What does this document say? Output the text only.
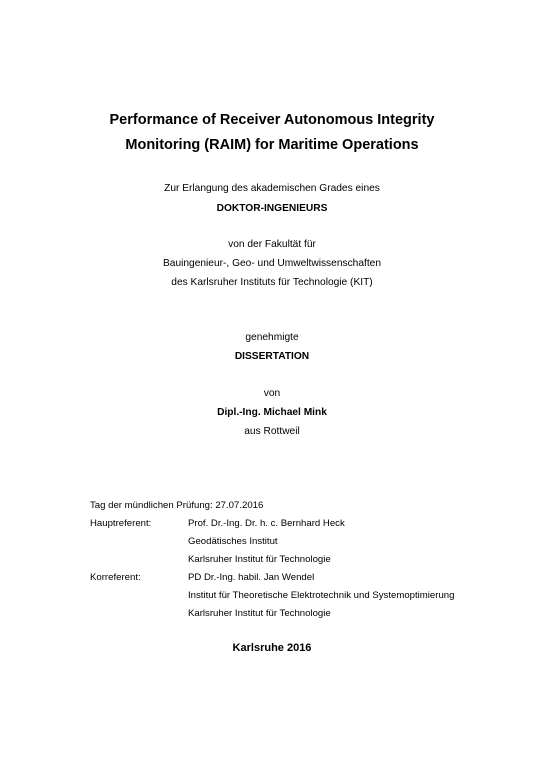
Performance of Receiver Autonomous Integrity
Monitoring (RAIM) for Maritime Operations
Zur Erlangung des akademischen Grades eines
DOKTOR-INGENIEURS
von der Fakultät für
Bauingenieur-, Geo- und Umweltwissenschaften
des Karlsruher Instituts für Technologie (KIT)
genehmigte
DISSERTATION
von
Dipl.-Ing. Michael Mink
aus Rottweil
Tag der mündlichen Prüfung: 27.07.2016
Hauptreferent:	Prof. Dr.-Ing. Dr. h. c. Bernhard Heck
Geodätisches Institut
Karlsruher Institut für Technologie
Korreferent:	PD Dr.-Ing. habil. Jan Wendel
Institut für Theoretische Elektrotechnik und Systemoptimierung
Karlsruher Institut für Technologie
Karlsruhe 2016
